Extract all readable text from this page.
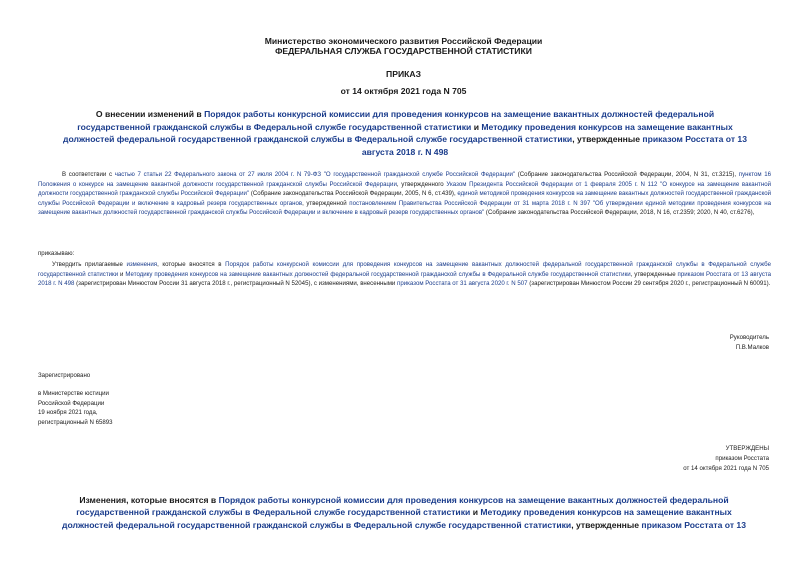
Министерство экономического развития Российской Федерации
ФЕДЕРАЛЬНАЯ СЛУЖБА ГОСУДАРСТВЕННОЙ СТАТИСТИКИ
ПРИКАЗ
от 14 октября 2021 года N 705
О внесении изменений в Порядок работы конкурсной комиссии для проведения конкурсов на замещение вакантных должностей федеральной государственной гражданской службы в Федеральной службе государственной статистики и Методику проведения конкурсов на замещение вакантных должностей федеральной государственной гражданской службы в Федеральной службе государственной статистики, утвержденные приказом Росстата от 13 августа 2018 г. N 498
В соответствии с частью 7 статьи 22 Федерального закона от 27 июля 2004 г. N 79-ФЗ "О государственной гражданской службе Российской Федерации" (Собрание законодательства Российской Федерации, 2004, N 31, ст.3215), пунктом 16 Положения о конкурсе на замещение вакантной должности государственной гражданской службы Российской Федерации, утвержденного Указом Президента Российской Федерации от 1 февраля 2005 г. N 112 "О конкурсе на замещение вакантной должности государственной гражданской службы Российской Федерации" (Собрание законодательства Российской Федерации, 2005, N 6, ст.439), единой методикой проведения конкурсов на замещение вакантных должностей государственной гражданской службы Российской Федерации и включение в кадровый резерв государственных органов, утвержденной постановлением Правительства Российской Федерации от 31 марта 2018 г. N 397 "Об утверждении единой методики проведения конкурсов на замещение вакантных должностей государственной гражданской службы Российской Федерации и включение в кадровый резерв государственных органов" (Собрание законодательства Российской Федерации, 2018, N 16, ст.2359; 2020, N 40, ст.6276),
приказываю:
Утвердить прилагаемые изменения, которые вносятся в Порядок работы конкурсной комиссии для проведения конкурсов на замещение вакантных должностей федеральной государственной гражданской службы в Федеральной службе государственной статистики и Методику проведения конкурсов на замещение вакантных должностей федеральной государственной гражданской службы в Федеральной службе государственной статистики, утвержденные приказом Росстата от 13 августа 2018 г. N 498 (зарегистрирован Минюстом России 31 августа 2018 г., регистрационный N 52045), с изменениями, внесенными приказом Росстата от 31 августа 2020 г. N 507 (зарегистрирован Минюстом России 29 сентября 2020 г., регистрационный N 60091).
Руководитель
П.В.Малков
Зарегистрировано
в Министерстве юстиции
Российской Федерации
19 ноября 2021 года,
регистрационный N 65893
УТВЕРЖДЕНЫ
приказом Росстата
от 14 октября 2021 года N 705
Изменения, которые вносятся в Порядок работы конкурсной комиссии для проведения конкурсов на замещение вакантных должностей федеральной государственной гражданской службы в Федеральной службе государственной статистики и Методику проведения конкурсов на замещение вакантных должностей федеральной государственной гражданской службы в Федеральной службе государственной статистики, утвержденные приказом Росстата от 13
